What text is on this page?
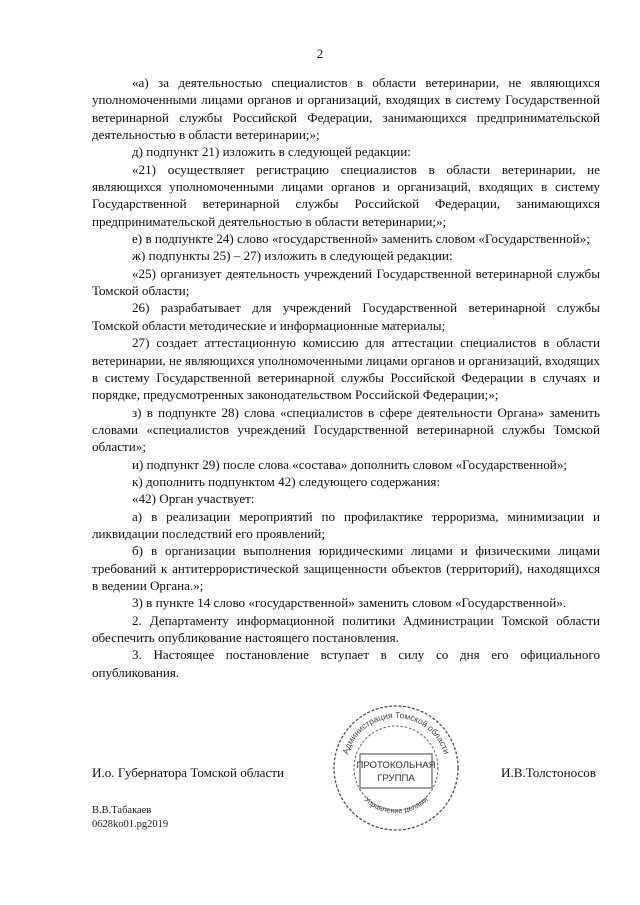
2

«а) за деятельностью специалистов в области ветеринарии, не являющихся уполномоченными лицами органов и организаций, входящих в систему Государственной ветеринарной службы Российской Федерации, занимающихся предпринимательской деятельностью в области ветеринарии;»;

д) подпункт 21) изложить в следующей редакции:

«21) осуществляет регистрацию специалистов в области ветеринарии, не являющихся уполномоченными лицами органов и организаций, входящих в систему Государственной ветеринарной службы Российской Федерации, занимающихся предпринимательской деятельностью в области ветеринарии;»;

е) в подпункте 24) слово «государственной» заменить словом «Государственной»;

ж) подпункты 25) – 27) изложить в следующей редакции:

«25) организует деятельность учреждений Государственной ветеринарной службы Томской области;

26) разрабатывает для учреждений Государственной ветеринарной службы Томской области методические и информационные материалы;

27) создает аттестационную комиссию для аттестации специалистов в области ветеринарии, не являющихся уполномоченными лицами органов и организаций, входящих в систему Государственной ветеринарной службы Российской Федерации в случаях и порядке, предусмотренных законодательством Российской Федерации;»;

з) в подпункте 28) слова «специалистов в сфере деятельности Органа» заменить словами «специалистов учреждений Государственной ветеринарной службы Томской области»;

и) подпункт 29) после слова «состава» дополнить словом «Государственной»;

к) дополнить подпунктом 42) следующего содержания:

«42) Орган участвует:

а) в реализации мероприятий по профилактике терроризма, минимизации и ликвидации последствий его проявлений;

б) в организации выполнения юридическими лицами и физическими лицами требований к антитеррористической защищенности объектов (территорий), находящихся в ведении Органа.»;

3) в пункте 14 слово «государственной» заменить словом «Государственной».

2. Департаменту информационной политики Администрации Томской области обеспечить опубликование настоящего постановления.

3. Настоящее постановление вступает в силу со дня его официального опубликования.

Администрация Томской области
Управление делами
ПРОТОКОЛЬНАЯ
ГРУППА
И.о. Губернатора Томской области	И.В.Толстоносов
В.В.Табакаев
0628ko01.pg2019
